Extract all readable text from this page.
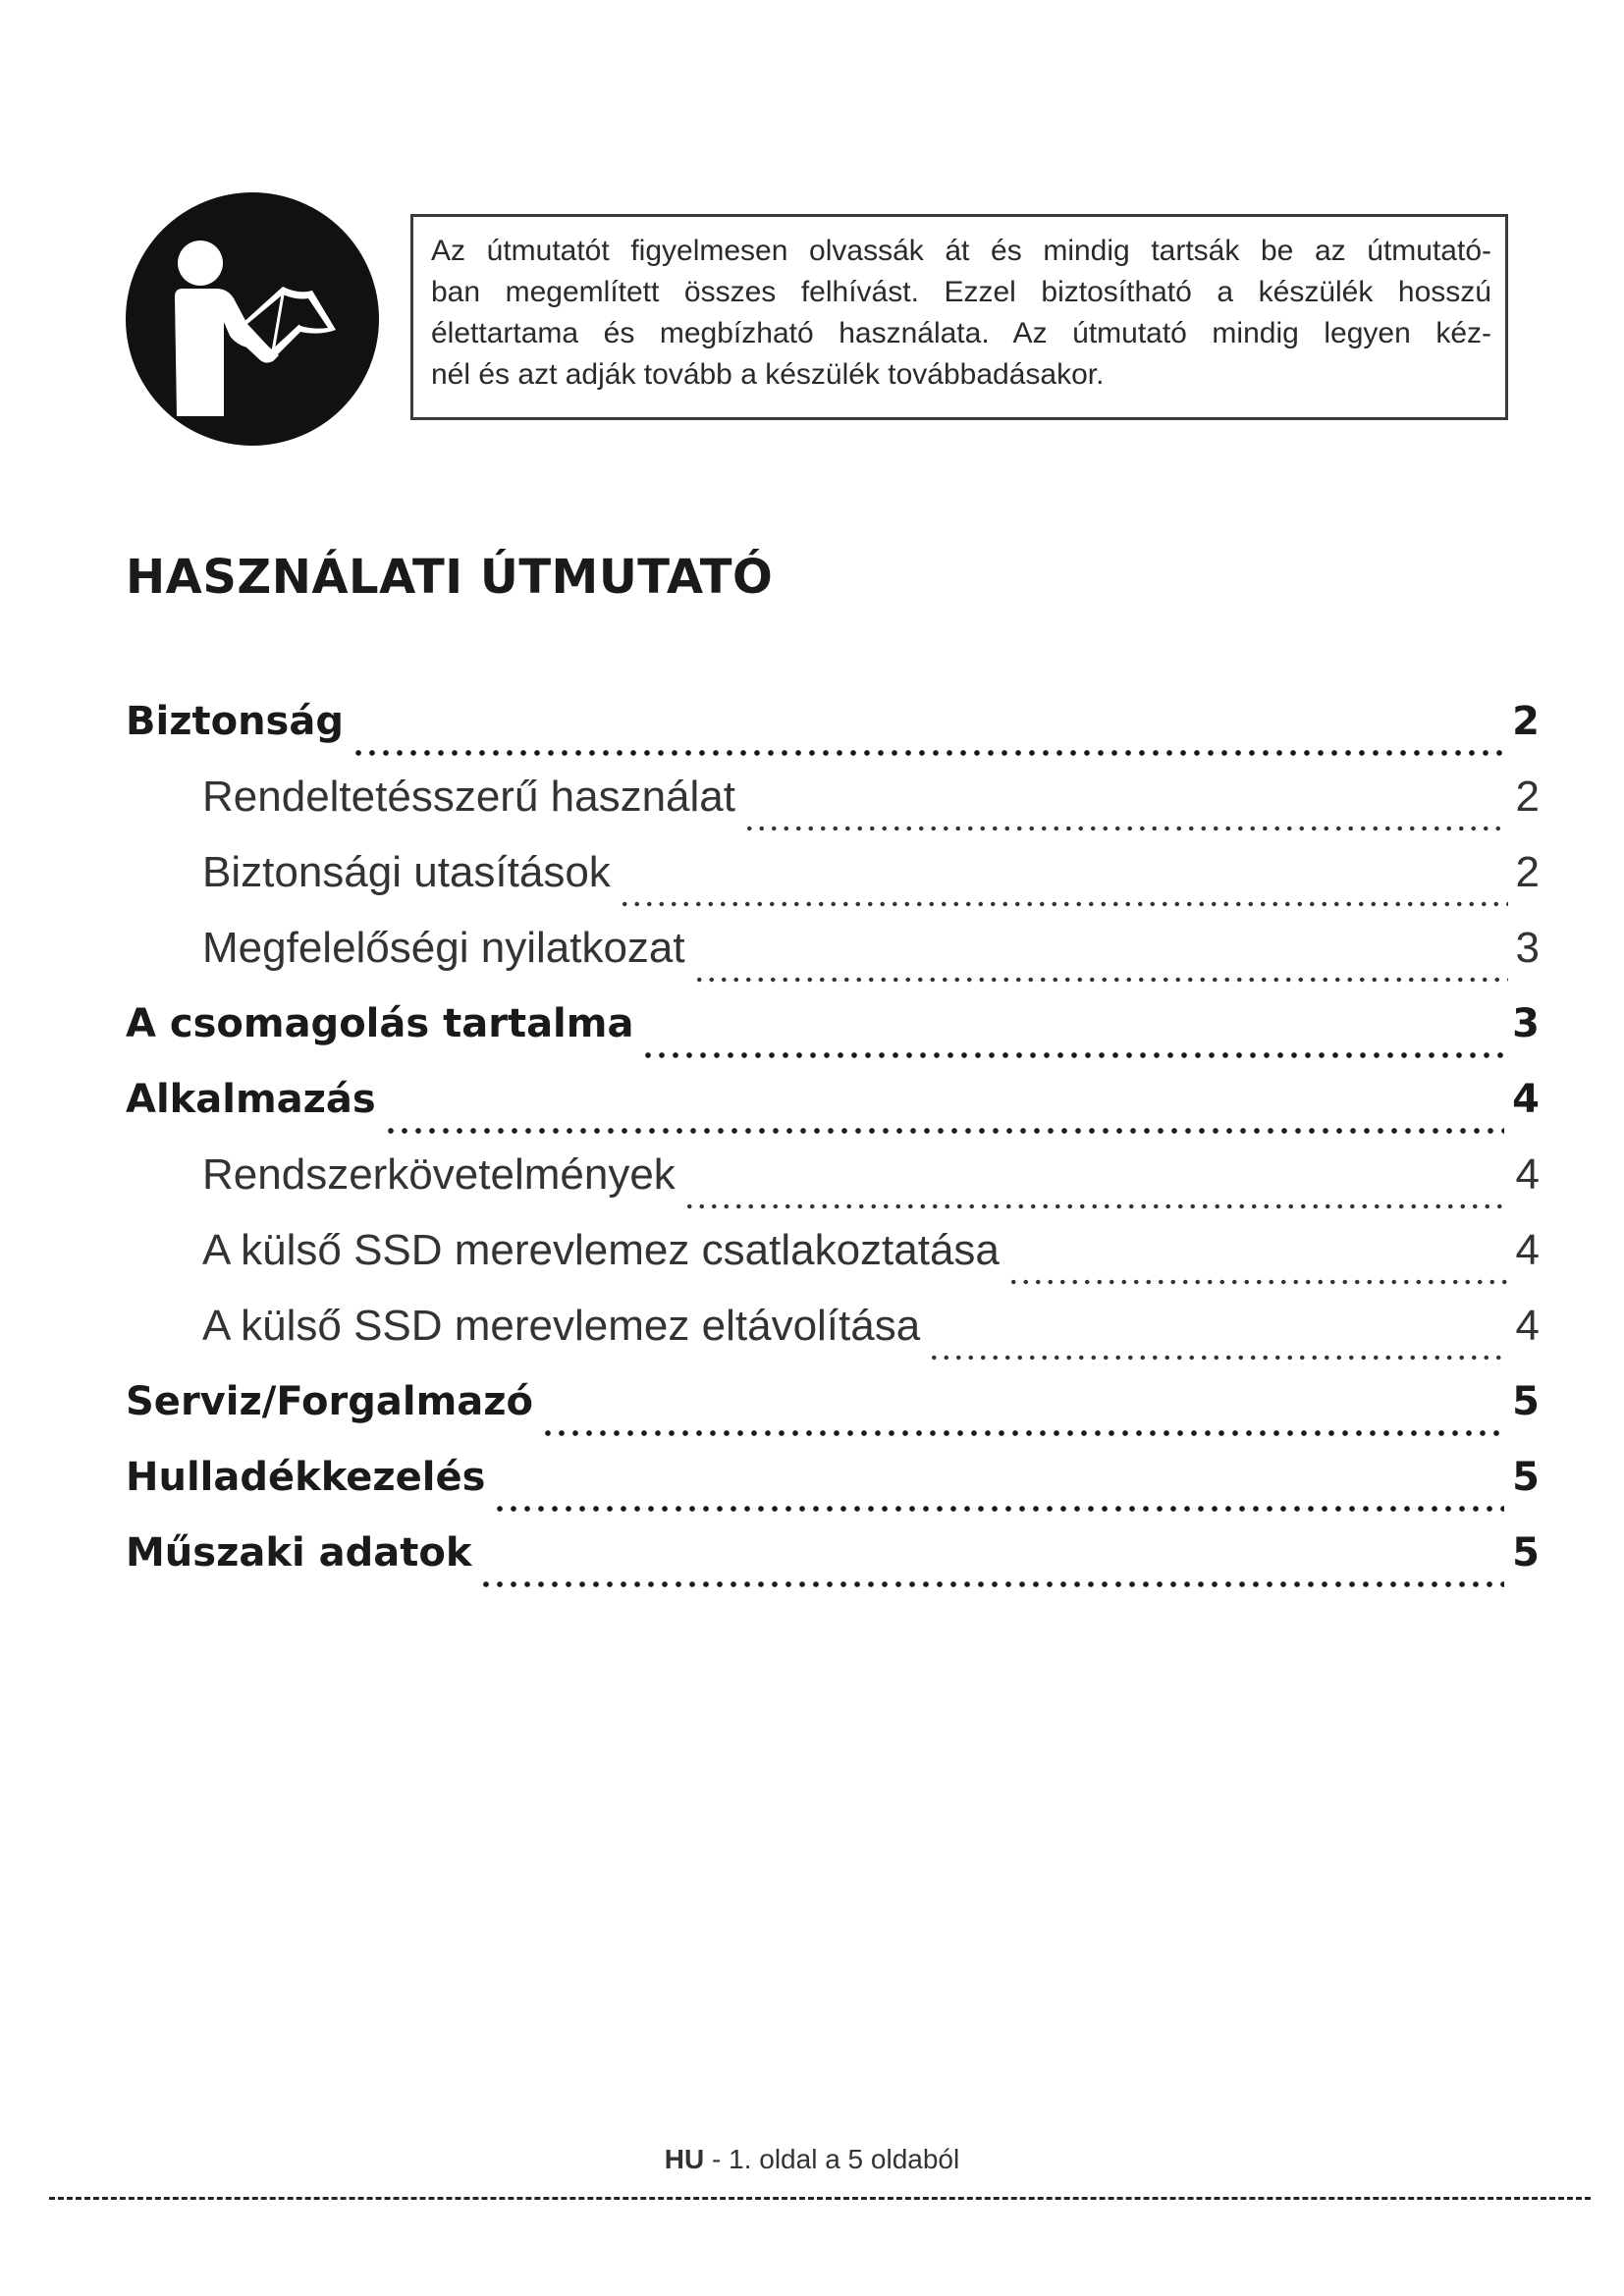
Az útmutatót figyelmesen olvassák át és mindig tartsák be az útmutató-
ban megemlített összes felhívást. Ezzel biztosítható a készülék hosszú
élettartama és megbízható használata. Az útmutató mindig legyen kéz-
nél és azt adják tovább a készülék továbbadásakor.
HASZNÁLATI ÚTMUTATÓ
Biztonság	2
Rendeltetésszerű használat	2
Biztonsági utasítások	2
Megfelelőségi nyilatkozat	3
A csomagolás tartalma	3
Alkalmazás	4
Rendszerkövetelmények	4
A külső SSD merevlemez csatlakoztatása	4
A külső SSD merevlemez eltávolítása	4
Serviz/Forgalmazó	5
Hulladékkezelés	5
Műszaki adatok	5
HU - 1. oldal a 5 oldaból
